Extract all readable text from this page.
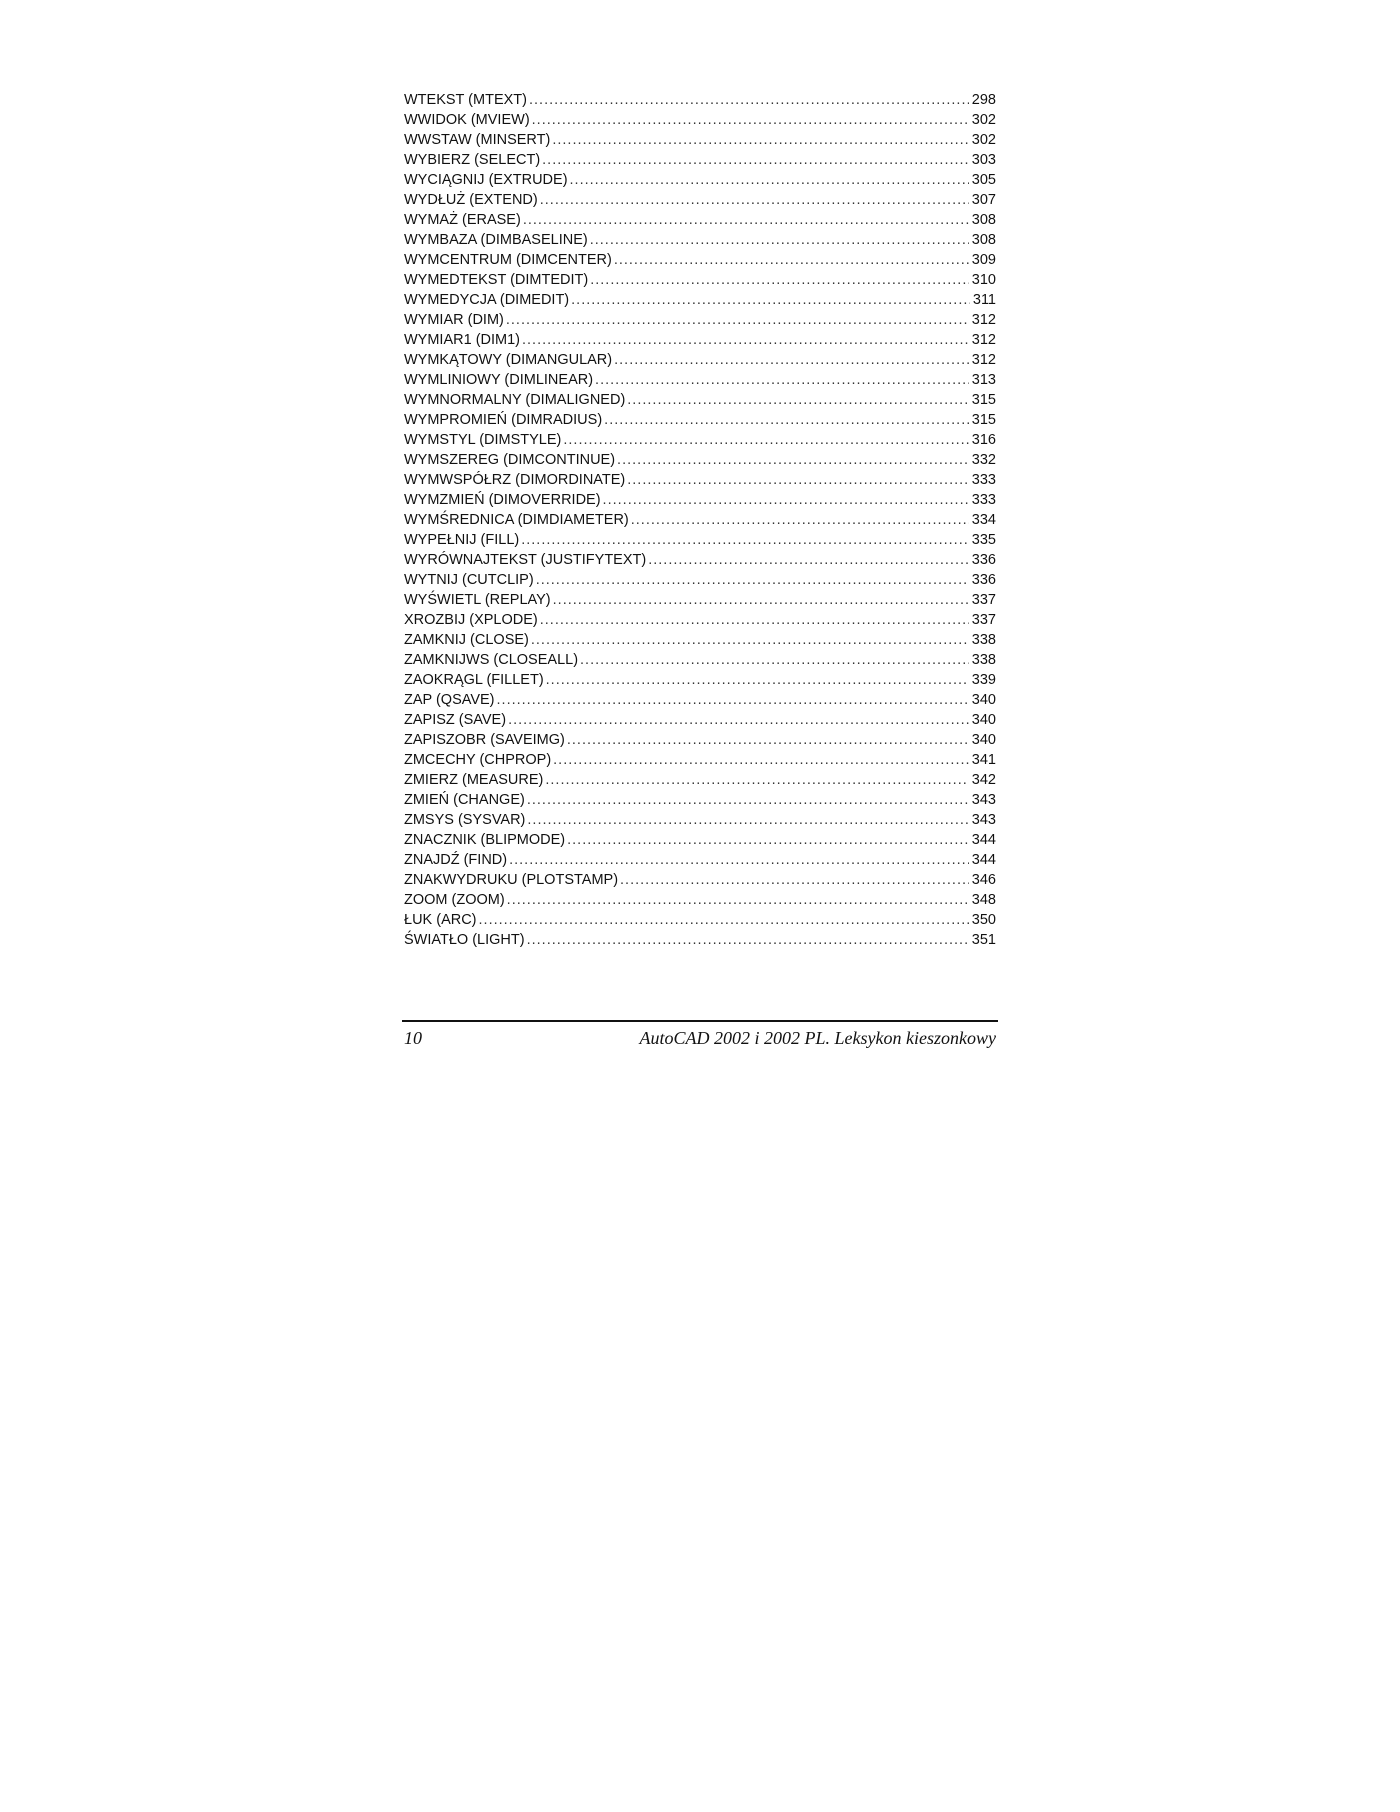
WTEKST (MTEXT) .....	298
WWIDOK (MVIEW) .....	302
WWSTAW (MINSERT) .....	302
WYBIERZ (SELECT) .....	303
WYCIĄGNIJ (EXTRUDE) .....	305
WYDŁUŻ (EXTEND) .....	307
WYMAŻ (ERASE) .....	308
WYMBAZA (DIMBASELINE) .....	308
WYMCENTRUM (DIMCENTER) .....	309
WYMEDTEKST (DIMTEDIT) .....	310
WYMEDYCJA (DIMEDIT) .....	311
WYMIAR (DIM) .....	312
WYMIAR1 (DIM1) .....	312
WYMKĄTOWY (DIMANGULAR) .....	312
WYMLINIOWY (DIMLINEAR) .....	313
WYMNORMALNY (DIMALIGNED) .....	315
WYMPROMIEŃ (DIMRADIUS) .....	315
WYMSTYL (DIMSTYLE) .....	316
WYMSZEREG (DIMCONTINUE) .....	332
WYMWSPÓŁRZ (DIMORDINATE) .....	333
WYMZMIEŃ (DIMOVERRIDE) .....	333
WYMŚREDNICA (DIMDIAMETER) .....	334
WYPEŁNIJ (FILL) .....	335
WYRÓWNAJTEKST (JUSTIFYTEXT) .....	336
WYTNIJ (CUTCLIP) .....	336
WYŚWIETL (REPLAY) .....	337
XROZBIJ (XPLODE) .....	337
ZAMKNIJ (CLOSE) .....	338
ZAMKNIJWS (CLOSEALL) .....	338
ZAOKRĄGL (FILLET) .....	339
ZAP (QSAVE) .....	340
ZAPISZ (SAVE) .....	340
ZAPISZOBR (SAVEIMG) .....	340
ZMCECHY (CHPROP) .....	341
ZMIERZ (MEASURE) .....	342
ZMIEŃ (CHANGE) .....	343
ZMSYS (SYSVAR) .....	343
ZNACZNIK (BLIPMODE) .....	344
ZNAJDŹ (FIND) .....	344
ZNAKWYDRUKU (PLOTSTAMP) .....	346
ZOOM (ZOOM) .....	348
ŁUK (ARC) .....	350
ŚWIATŁO (LIGHT) .....	351
10	AutoCAD 2002 i 2002 PL. Leksykon kieszonkowy
